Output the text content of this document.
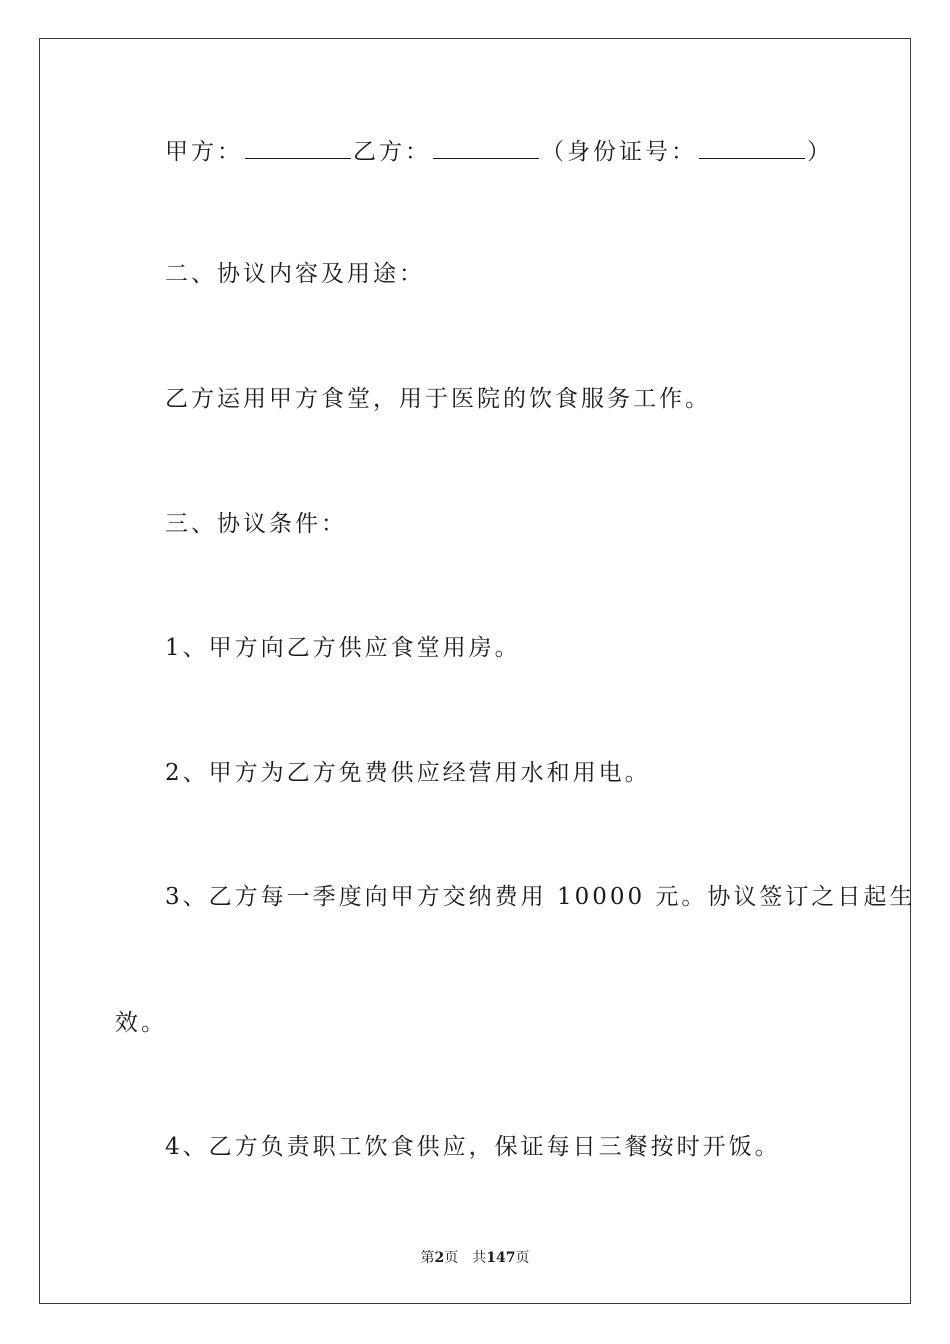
甲方：	乙方：	（身份证号：	）
二、协议内容及用途：
乙方运用甲方食堂，用于医院的饮食服务工作。
三、协议条件：
1、甲方向乙方供应食堂用房。
2、甲方为乙方免费供应经营用水和用电。
3、乙方每一季度向甲方交纳费用 10000 元。协议签订之日起生
效。
4、乙方负责职工饮食供应，保证每日三餐按时开饭。
第2页 共147页
